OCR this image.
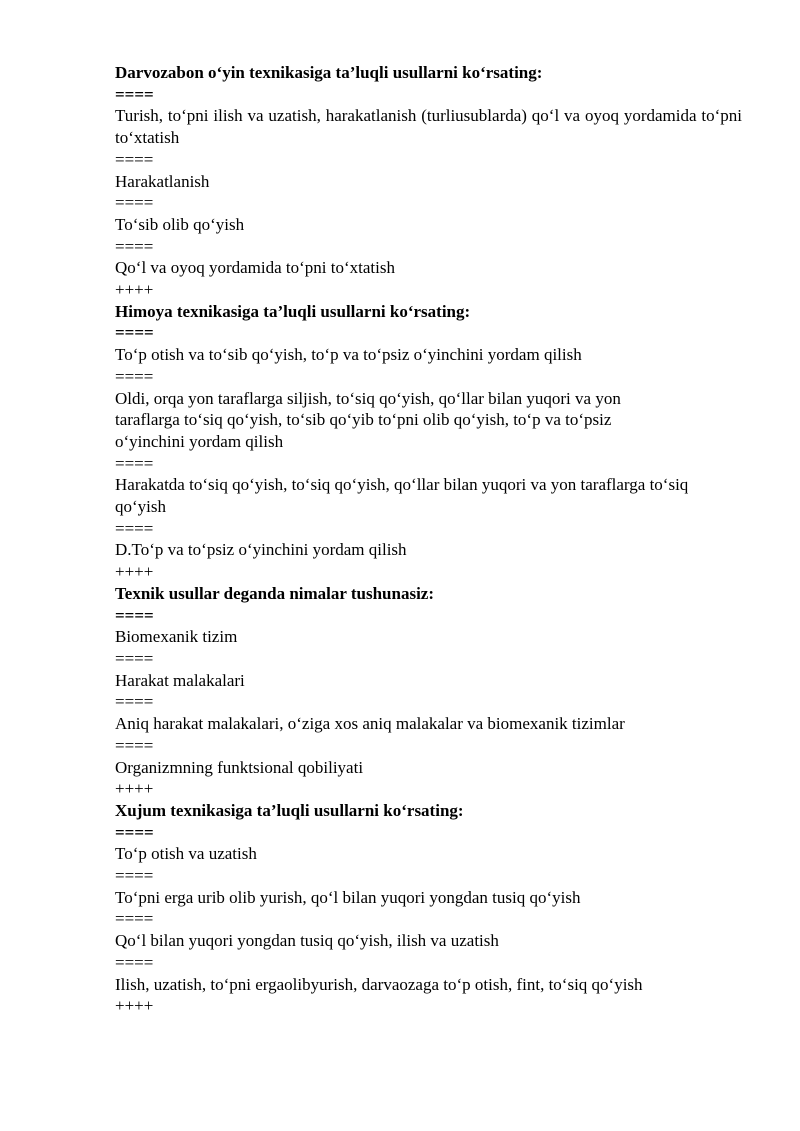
Darvozabon o‘yin texnikasiga ta’luqli usullarni ko‘rsating:

====

Turish, to‘pni ilish va uzatish, harakatlanish (turliusublarda) qo‘l va oyoq yordamida to‘pni to‘xtatish

====

Harakatlanish

====

To‘sib olib qo‘yish

====

Qo‘l va oyoq yordamida to‘pni to‘xtatish

++++

Himoya texnikasiga ta’luqli usullarni ko‘rsating:

====

To‘p otish va to‘sib qo‘yish, to‘p va to‘psiz o‘yinchini yordam qilish

====

Oldi, orqa yon taraflarga siljish, to‘siq qo‘yish, qo‘llar bilan yuqori va yon taraflarga to‘siq qo‘yish, to‘sib qo‘yib to‘pni olib qo‘yish, to‘p va to‘psiz o‘yinchini yordam qilish

====

Harakatda to‘siq qo‘yish, to‘siq qo‘yish, qo‘llar bilan yuqori va yon taraflarga to‘siq qo‘yish

====

D.To‘p va to‘psiz o‘yinchini yordam qilish

++++

Texnik usullar deganda nimalar tushunasiz:

====

Biomexanik tizim

====

Harakat malakalari

====

Aniq harakat malakalari, o‘ziga xos aniq malakalar va biomexanik tizimlar

====

Organizmning funktsional qobiliyati

++++

Xujum texnikasiga ta’luqli usullarni ko‘rsating:

====

To‘p otish va uzatish

====

To‘pni erga urib olib yurish, qo‘l bilan yuqori yongdan tusiq qo‘yish

====

Qo‘l bilan yuqori yongdan tusiq qo‘yish, ilish va uzatish

====

Ilish, uzatish, to‘pni ergaolibyurish, darvaozaga to‘p otish, fint, to‘siq qo‘yish

++++
